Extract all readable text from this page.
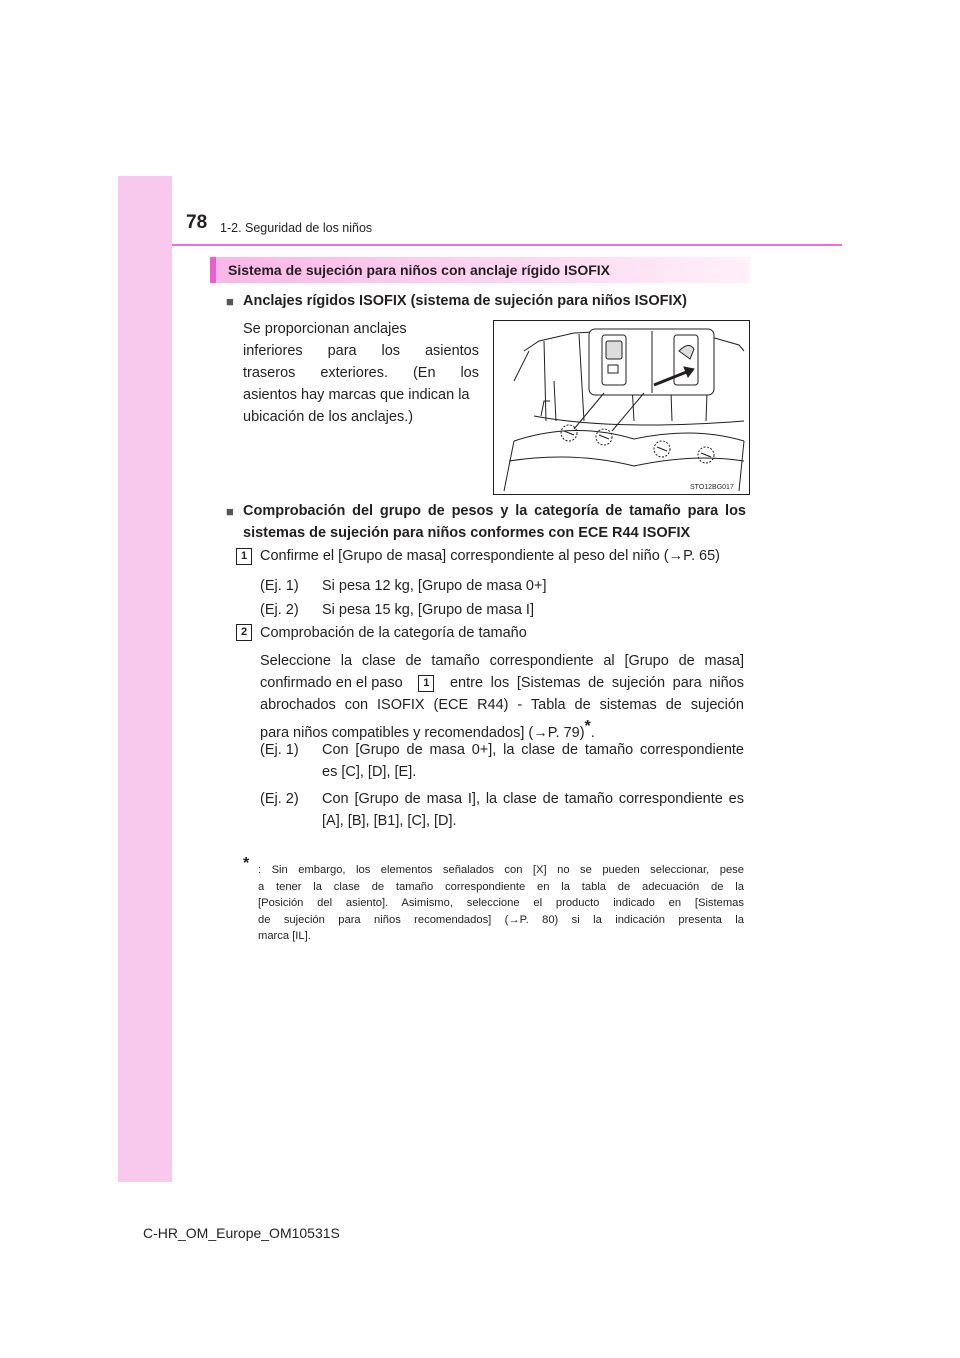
78 1-2. Seguridad de los niños
Sistema de sujeción para niños con anclaje rígido ISOFIX
■ Anclajes rígidos ISOFIX (sistema de sujeción para niños ISOFIX)
Se proporcionan anclajes
inferiores para los asientos
traseros exteriores. (En los
asientos hay marcas que indican la
ubicación de los anclajes.)
STO12BG017
■ Comprobación del grupo de pesos y la categoría de tamaño para los
sistemas de sujeción para niños conformes con ECE R44 ISOFIX
1 Confirme el [Grupo de masa] correspondiente al peso del niño (→P. 65)
(Ej. 1) Si pesa 12 kg, [Grupo de masa 0+]
(Ej. 2) Si pesa 15 kg, [Grupo de masa I]
2 Comprobación de la categoría de tamaño
Seleccione la clase de tamaño correspondiente al [Grupo de masa]
confirmado en el paso	1	entre los [Sistemas de sujeción para niños
abrochados con ISOFIX (ECE R44) - Tabla de sistemas de sujeción
para niños compatibles y recomendados] (→P. 79)*.
(Ej. 1) Con [Grupo de masa 0+], la clase de tamaño correspondiente
es [C], [D], [E].
(Ej. 2) Con [Grupo de masa I], la clase de tamaño correspondiente es
[A], [B], [B1], [C], [D].
* : Sin embargo, los elementos señalados con [X] no se pueden seleccionar, pese
a tener la clase de tamaño correspondiente en la tabla de adecuación de la
[Posición del asiento]. Asimismo, seleccione el producto indicado en [Sistemas
de sujeción para niños recomendados] (→P. 80) si la indicación presenta la
marca [IL].
C-HR_OM_Europe_OM10531S
